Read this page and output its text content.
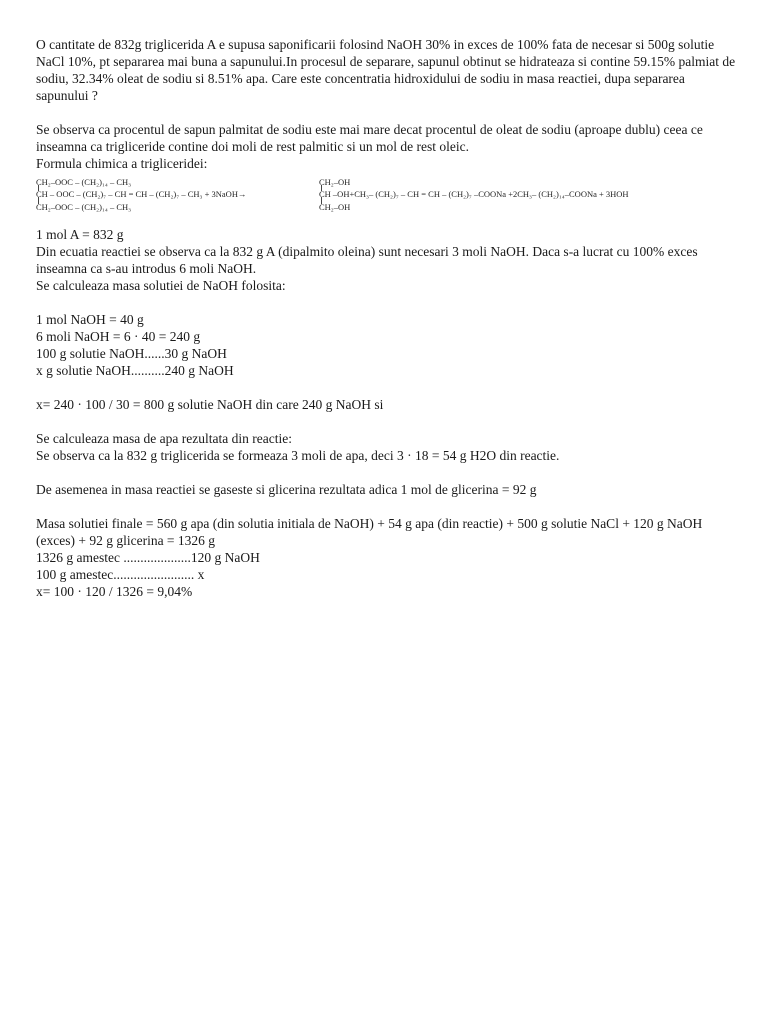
O cantitate de 832g triglicerida A e supusa saponificarii folosind NaOH 30% in exces de 100% fata de necesar si 500g solutie NaCl 10%, pt separarea mai buna a sapunului.In procesul de separare, sapunul obtinut se hidrateaza si contine 59.15% palmiat de sodiu, 32.34% oleat de sodiu si 8.51% apa. Care este concentratia hidroxidului de sodiu in masa reactiei, dupa separarea sapunului ?

Se observa ca procentul de sapun palmitat de sodiu este mai mare decat procentul de oleat de sodiu (aproape dublu) ceea ce inseamna ca trigliceride contine doi moli de rest palmitic si un mol de rest oleic.
Formula chimica a trigliceridei:

CH₂–OOC – (CH₂)₁₄ – CH₃
CH – OOC – (CH₂)₇ – CH = CH – (CH₂)₇ – CH₃ + 3NaOH→
CH₂–OOC – (CH₂)₁₄ – CH₃
CH₂–OH
CH –OH+CH₃– (CH₂)₇ – CH = CH – (CH₂)₇ –COONa +2CH₃– (CH₂)₁₄–COONa + 3HOH
CH₂–OH

1 mol A = 832 g
Din ecuatia reactiei se observa ca la 832 g A (dipalmito oleina) sunt necesari 3 moli NaOH. Daca s-a lucrat cu 100% exces inseamna ca s-au introdus 6 moli NaOH.
Se calculeaza masa solutiei de NaOH folosita:

1 mol NaOH = 40 g
6 moli NaOH = 6 · 40 = 240 g
100 g solutie NaOH......30 g NaOH
x g solutie NaOH..........240 g NaOH

x= 240 · 100 / 30 = 800 g solutie NaOH din care 240 g NaOH si

Se calculeaza masa de apa rezultata din reactie:
Se observa ca la 832 g triglicerida se formeaza 3 moli de apa, deci 3 · 18 = 54 g H2O din reactie.

De asemenea in masa reactiei se gaseste si glicerina rezultata adica 1 mol de glicerina = 92 g

Masa solutiei finale = 560 g apa (din solutia initiala de NaOH) + 54 g apa (din reactie) + 500 g solutie NaCl + 120 g NaOH (exces) + 92 g glicerina = 1326 g
1326 g amestec ....................120 g NaOH
100 g amestec........................ x
x= 100 · 120 / 1326 = 9,04%
